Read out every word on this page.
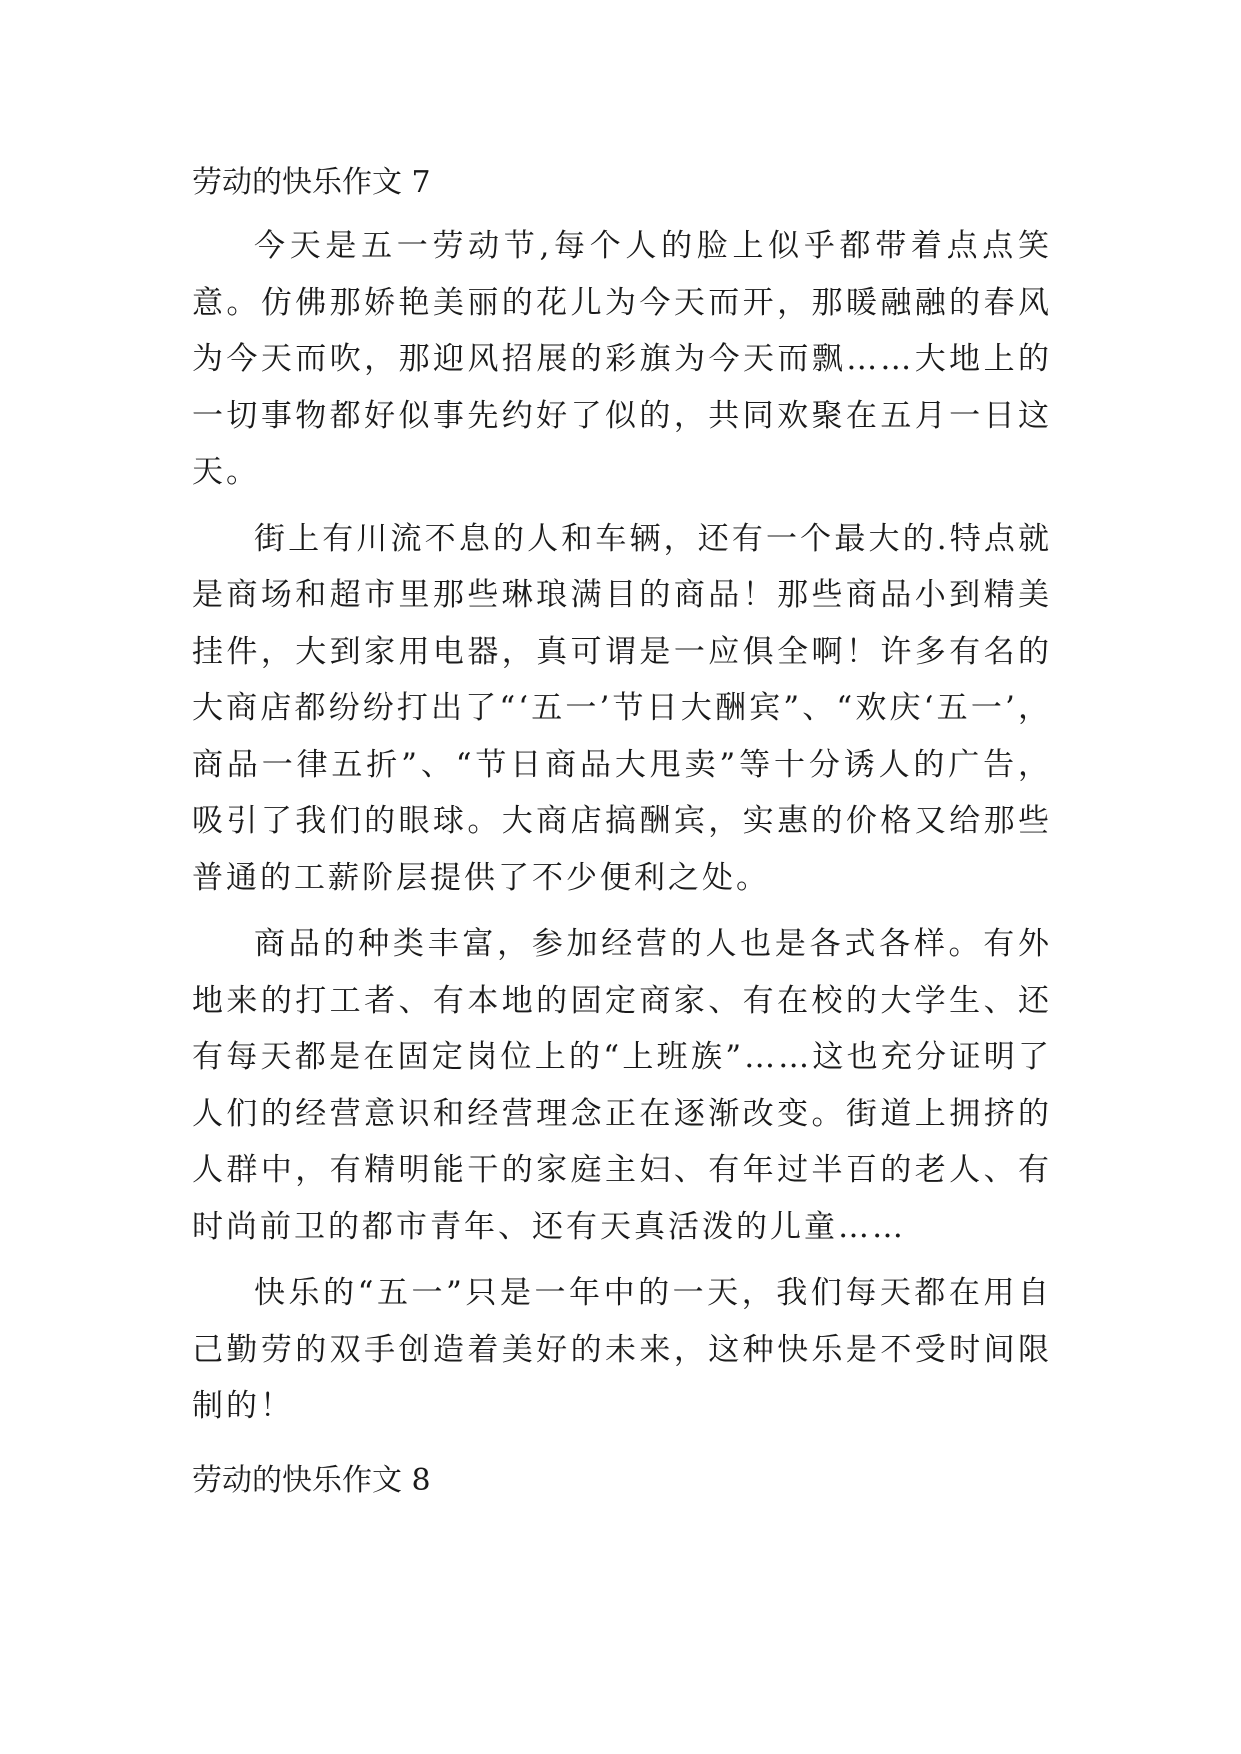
劳动的快乐作文 7

今天是五一劳动节,每个人的脸上似乎都带着点点笑意。仿佛那娇艳美丽的花儿为今天而开，那暖融融的春风为今天而吹，那迎风招展的彩旗为今天而飘……大地上的一切事物都好似事先约好了似的，共同欢聚在五月一日这天。

街上有川流不息的人和车辆，还有一个最大的.特点就是商场和超市里那些琳琅满目的商品！那些商品小到精美挂件，大到家用电器，真可谓是一应俱全啊！许多有名的大商店都纷纷打出了“‘五一’节日大酬宾”、“欢庆‘五一’，商品一律五折”、“节日商品大甩卖”等十分诱人的广告，吸引了我们的眼球。大商店搞酬宾，实惠的价格又给那些普通的工薪阶层提供了不少便利之处。

商品的种类丰富，参加经营的人也是各式各样。有外地来的打工者、有本地的固定商家、有在校的大学生、还有每天都是在固定岗位上的“上班族”……这也充分证明了人们的经营意识和经营理念正在逐渐改变。街道上拥挤的人群中，有精明能干的家庭主妇、有年过半百的老人、有时尚前卫的都市青年、还有天真活泼的儿童……

快乐的“五一”只是一年中的一天，我们每天都在用自己勤劳的双手创造着美好的未来，这种快乐是不受时间限制的！

劳动的快乐作文 8
